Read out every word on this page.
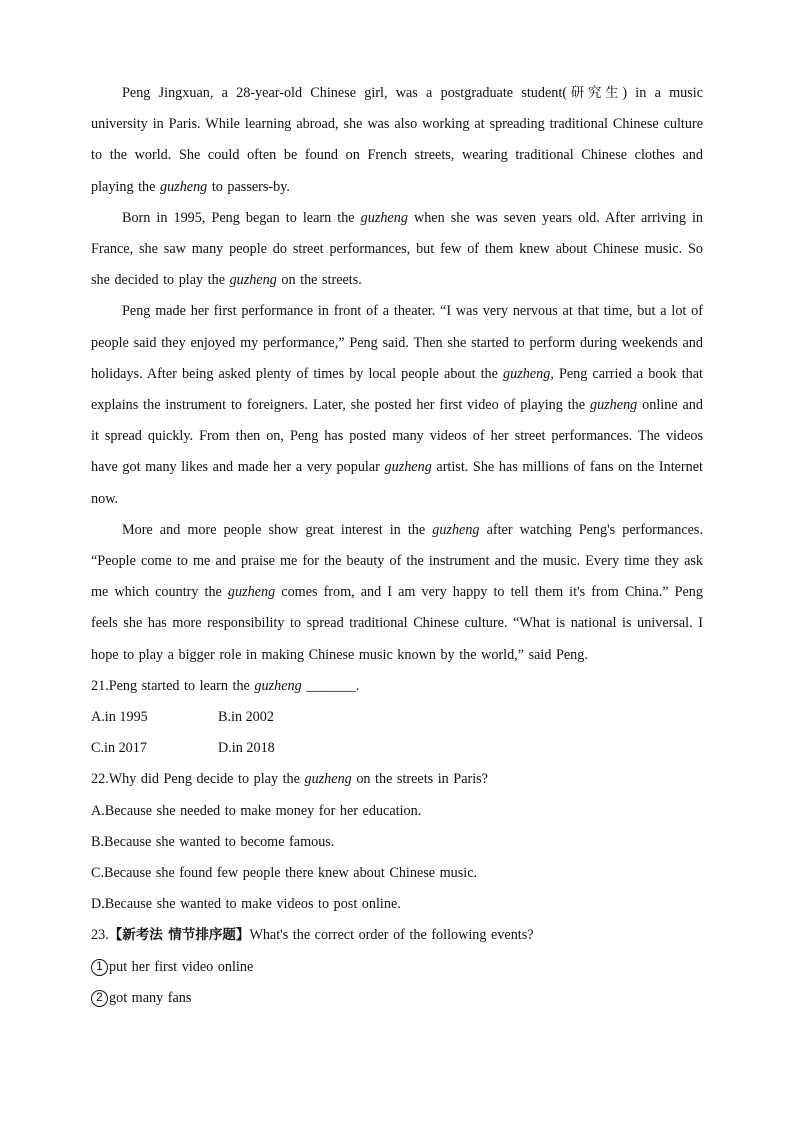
Peng Jingxuan, a 28-year-old Chinese girl, was a postgraduate student(研究生) in a music university in Paris. While learning abroad, she was also working at spreading traditional Chinese culture to the world. She could often be found on French streets, wearing traditional Chinese clothes and playing the guzheng to passers-by.

Born in 1995, Peng began to learn the guzheng when she was seven years old. After arriving in France, she saw many people do street performances, but few of them knew about Chinese music. So she decided to play the guzheng on the streets.

Peng made her first performance in front of a theater. “I was very nervous at that time, but a lot of people said they enjoyed my performance,” Peng said. Then she started to perform during weekends and holidays. After being asked plenty of times by local people about the guzheng, Peng carried a book that explains the instrument to foreigners. Later, she posted her first video of playing the guzheng online and it spread quickly. From then on, Peng has posted many videos of her street performances. The videos have got many likes and made her a very popular guzheng artist. She has millions of fans on the Internet now.

More and more people show great interest in the guzheng after watching Peng's performances. “People come to me and praise me for the beauty of the instrument and the music. Every time they ask me which country the guzheng comes from, and I am very happy to tell them it's from China.” Peng feels she has more responsibility to spread traditional Chinese culture. “What is national is universal. I hope to play a bigger role in making Chinese music known by the world,” said Peng.

21.Peng started to learn the guzheng _______.

A.in 1995	B.in 2002
C.in 2017	D.in 2018

22.Why did Peng decide to play the guzheng on the streets in Paris?

A.Because she needed to make money for her education.

B.Because she wanted to become famous.

C.Because she found few people there knew about Chinese music.

D.Because she wanted to make videos to post online.

23.【新考法 情节排序题】What's the correct order of the following events?

1 put her first video online

2 got many fans
